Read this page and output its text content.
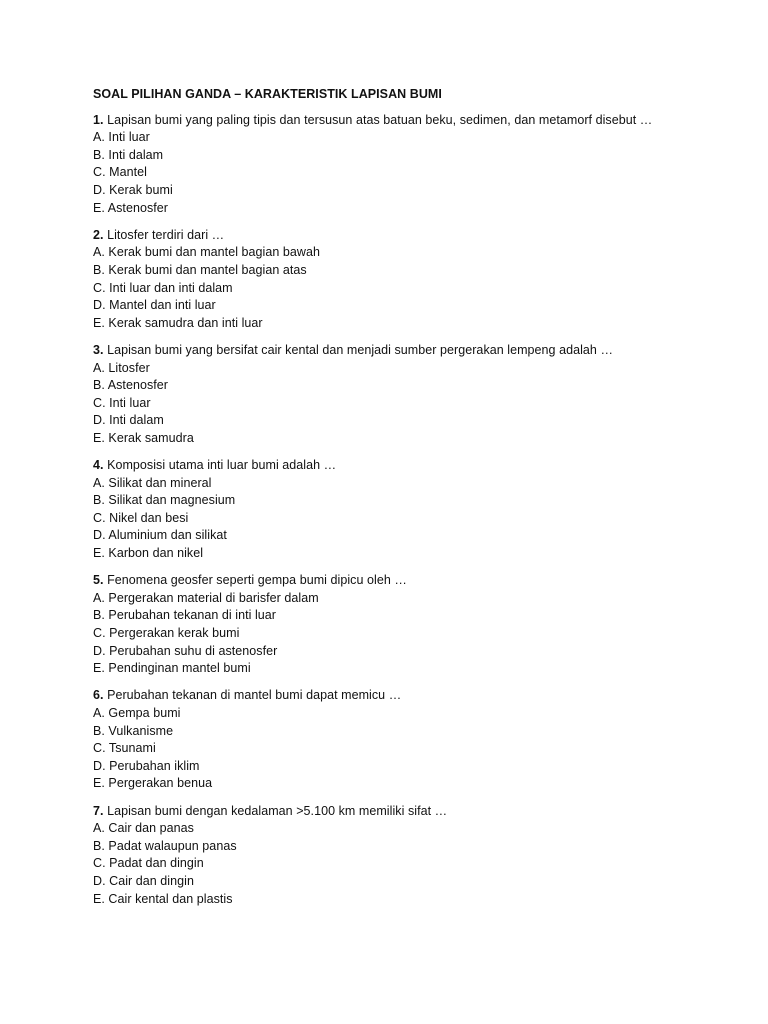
SOAL PILIHAN GANDA – KARAKTERISTIK LAPISAN BUMI
1. Lapisan bumi yang paling tipis dan tersusun atas batuan beku, sedimen, dan metamorf disebut …
A. Inti luar
B. Inti dalam
C. Mantel
D. Kerak bumi
E. Astenosfer
2. Litosfer terdiri dari …
A. Kerak bumi dan mantel bagian bawah
B. Kerak bumi dan mantel bagian atas
C. Inti luar dan inti dalam
D. Mantel dan inti luar
E. Kerak samudra dan inti luar
3. Lapisan bumi yang bersifat cair kental dan menjadi sumber pergerakan lempeng adalah …
A. Litosfer
B. Astenosfer
C. Inti luar
D. Inti dalam
E. Kerak samudra
4. Komposisi utama inti luar bumi adalah …
A. Silikat dan mineral
B. Silikat dan magnesium
C. Nikel dan besi
D. Aluminium dan silikat
E. Karbon dan nikel
5. Fenomena geosfer seperti gempa bumi dipicu oleh …
A. Pergerakan material di barisfer dalam
B. Perubahan tekanan di inti luar
C. Pergerakan kerak bumi
D. Perubahan suhu di astenosfer
E. Pendinginan mantel bumi
6. Perubahan tekanan di mantel bumi dapat memicu …
A. Gempa bumi
B. Vulkanisme
C. Tsunami
D. Perubahan iklim
E. Pergerakan benua
7. Lapisan bumi dengan kedalaman >5.100 km memiliki sifat …
A. Cair dan panas
B. Padat walaupun panas
C. Padat dan dingin
D. Cair dan dingin
E. Cair kental dan plastis
